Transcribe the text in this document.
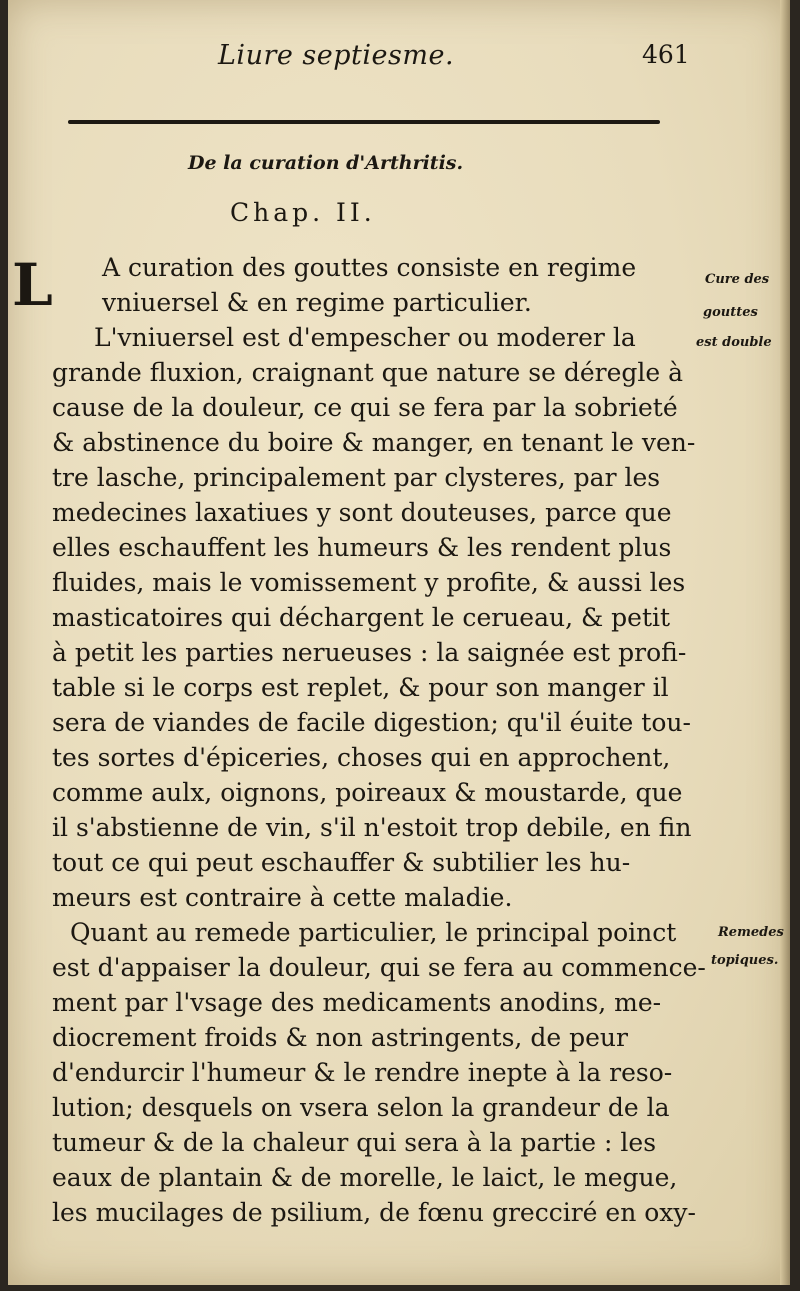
Liure septiesme.	461
De la curation d'Arthritis.
Chap. II.
L A curation des gouttes consiste en regime
vniuersel & en regime particulier.
L'vniuersel est d'empescher ou moderer la
grande fluxion, craignant que nature se déregle à
cause de la douleur, ce qui se fera par la sobrieté
& abstinence du boire & manger, en tenant le ven-
tre lasche, principalement par clysteres, par les
medecines laxatiues y sont douteuses, parce que
elles eschauffent les humeurs & les rendent plus
fluides, mais le vomissement y profite, & aussi les
masticatoires qui déchargent le cerueau, & petit
à petit les parties nerueuses : la saignée est profi-
table si le corps est replet, & pour son manger il
sera de viandes de facile digestion; qu'il éuite tou-
tes sortes d'épiceries, choses qui en approchent,
comme aulx, oignons, poireaux & moustarde, que
il s'abstienne de vin, s'il n'estoit trop debile, en fin
tout ce qui peut eschauffer & subtilier les hu-
meurs est contraire à cette maladie.
Quant au remede particulier, le principal poinct
est d'appaiser la douleur, qui se fera au commence-
ment par l'vsage des medicaments anodins, me-
diocrement froids & non astringents, de peur
d'endurcir l'humeur & le rendre inepte à la reso-
lution; desquels on vsera selon la grandeur de la
tumeur & de la chaleur qui sera à la partie : les
eaux de plantain & de morelle, le laict, le megue,
les mucilages de psilium, de fœnu grecciré en oxy-
Cure des
gouttes
est double
Remedes
topiques.
